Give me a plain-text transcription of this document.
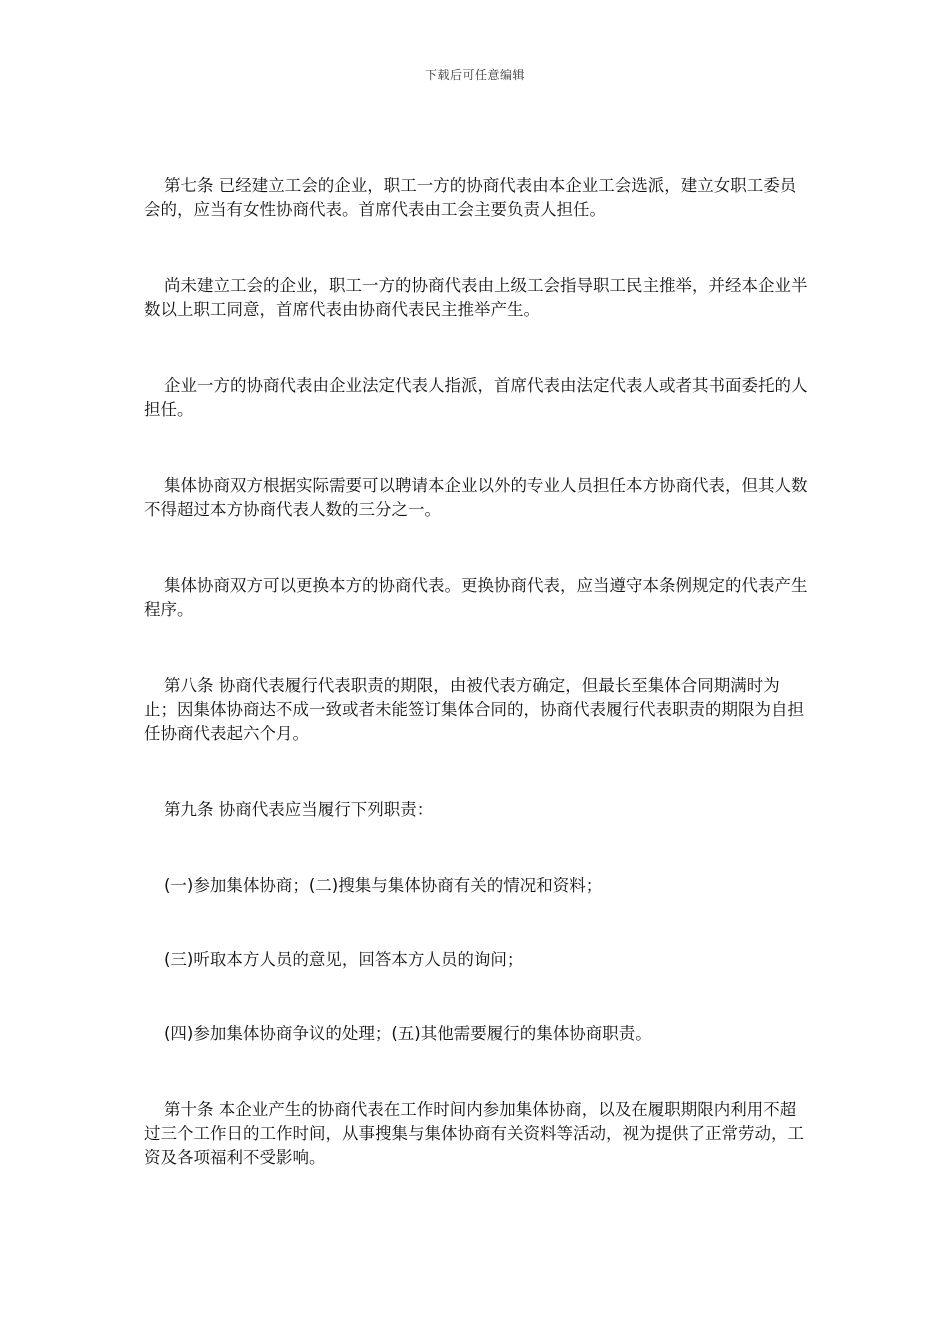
下载后可任意编辑

第七条 已经建立工会的企业，职工一方的协商代表由本企业工会选派，建立女职工委员会的，应当有女性协商代表。首席代表由工会主要负责人担任。

尚未建立工会的企业，职工一方的协商代表由上级工会指导职工民主推举，并经本企业半数以上职工同意，首席代表由协商代表民主推举产生。

企业一方的协商代表由企业法定代表人指派，首席代表由法定代表人或者其书面委托的人担任。

集体协商双方根据实际需要可以聘请本企业以外的专业人员担任本方协商代表，但其人数不得超过本方协商代表人数的三分之一。

集体协商双方可以更换本方的协商代表。更换协商代表，应当遵守本条例规定的代表产生程序。

第八条 协商代表履行代表职责的期限，由被代表方确定，但最长至集体合同期满时为止；因集体协商达不成一致或者未能签订集体合同的，协商代表履行代表职责的期限为自担任协商代表起六个月。

第九条 协商代表应当履行下列职责：

(一)参加集体协商；(二)搜集与集体协商有关的情况和资料；

(三)听取本方人员的意见，回答本方人员的询问；

(四)参加集体协商争议的处理；(五)其他需要履行的集体协商职责。

第十条 本企业产生的协商代表在工作时间内参加集体协商，以及在履职期限内利用不超过三个工作日的工作时间，从事搜集与集体协商有关资料等活动，视为提供了正常劳动，工资及各项福利不受影响。
